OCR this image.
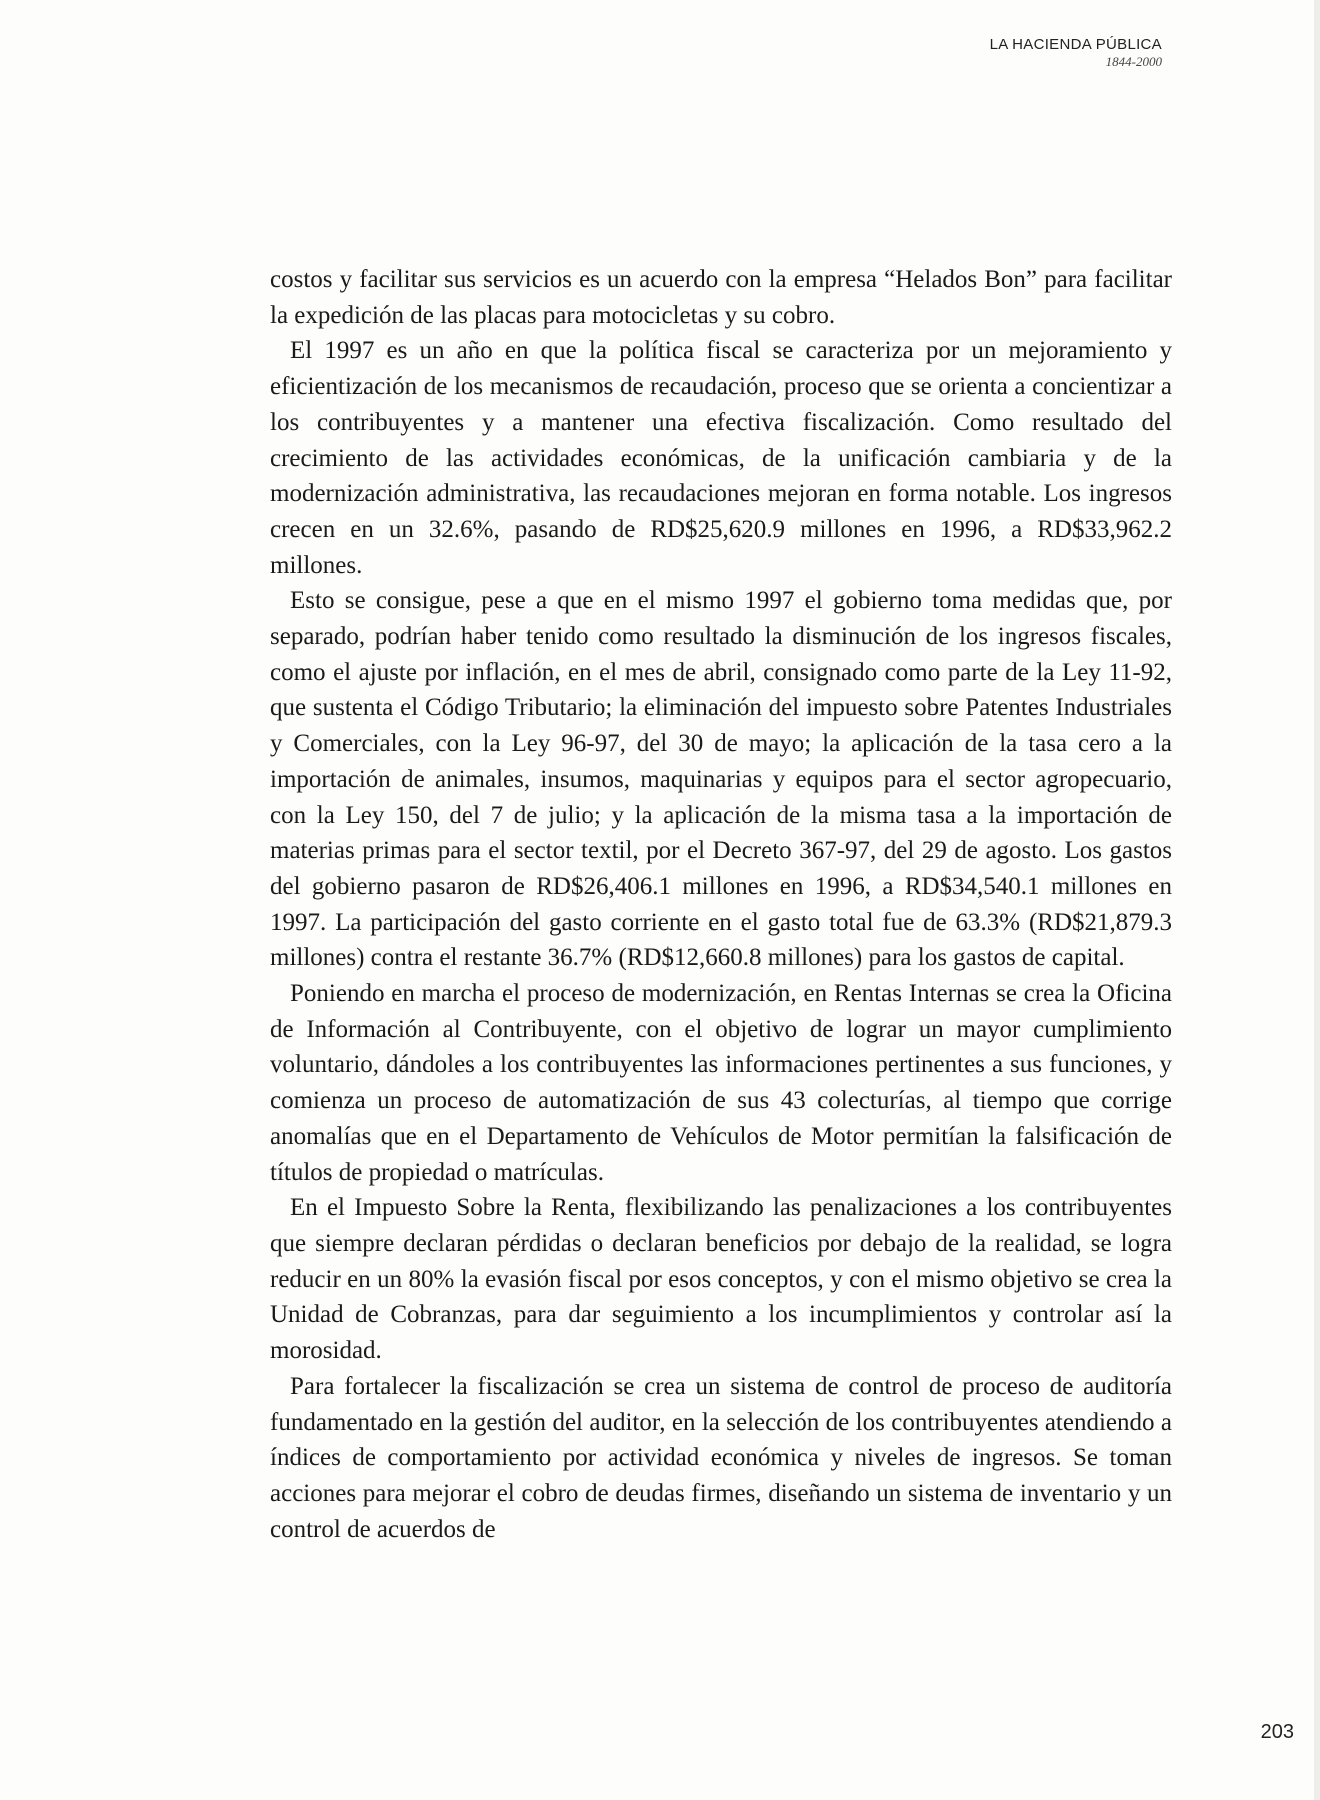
LA HACIENDA PÚBLICA
1844-2000

costos y facilitar sus servicios es un acuerdo con la empresa “Helados Bon” para facilitar la expedición de las placas para motocicletas y su cobro.

El 1997 es un año en que la política fiscal se caracteriza por un mejoramiento y eficientización de los mecanismos de recaudación, proceso que se orienta a concientizar a los contribuyentes y a mantener una efectiva fiscalización. Como resultado del crecimiento de las actividades económicas, de la unificación cambiaria y de la modernización administrativa, las recaudaciones mejoran en forma notable. Los ingresos crecen en un 32.6%, pasando de RD$25,620.9 millones en 1996, a RD$33,962.2 millones.

Esto se consigue, pese a que en el mismo 1997 el gobierno toma medidas que, por separado, podrían haber tenido como resultado la disminución de los ingresos fiscales, como el ajuste por inflación, en el mes de abril, consignado como parte de la Ley 11-92, que sustenta el Código Tributario; la eliminación del impuesto sobre Patentes Industriales y Comerciales, con la Ley 96-97, del 30 de mayo; la aplicación de la tasa cero a la importación de animales, insumos, maquinarias y equipos para el sector agropecuario, con la Ley 150, del 7 de julio; y la aplicación de la misma tasa a la importación de materias primas para el sector textil, por el Decreto 367-97, del 29 de agosto. Los gastos del gobierno pasaron de RD$26,406.1 millones en 1996, a RD$34,540.1 millones en 1997. La participación del gasto corriente en el gasto total fue de 63.3% (RD$21,879.3 millones) contra el restante 36.7% (RD$12,660.8 millones) para los gastos de capital.

Poniendo en marcha el proceso de modernización, en Rentas Internas se crea la Oficina de Información al Contribuyente, con el objetivo de lograr un mayor cumplimiento voluntario, dándoles a los contribuyentes las informaciones pertinentes a sus funciones, y comienza un proceso de automatización de sus 43 colecturías, al tiempo que corrige anomalías que en el Departamento de Vehículos de Motor permitían la falsificación de títulos de propiedad o matrículas.

En el Impuesto Sobre la Renta, flexibilizando las penalizaciones a los contribuyentes que siempre declaran pérdidas o declaran beneficios por debajo de la realidad, se logra reducir en un 80% la evasión fiscal por esos conceptos, y con el mismo objetivo se crea la Unidad de Cobranzas, para dar seguimiento a los incumplimientos y controlar así la morosidad.

Para fortalecer la fiscalización se crea un sistema de control de proceso de auditoría fundamentado en la gestión del auditor, en la selección de los contribuyentes atendiendo a índices de comportamiento por actividad económica y niveles de ingresos. Se toman acciones para mejorar el cobro de deudas firmes, diseñando un sistema de inventario y un control de acuerdos de

203
